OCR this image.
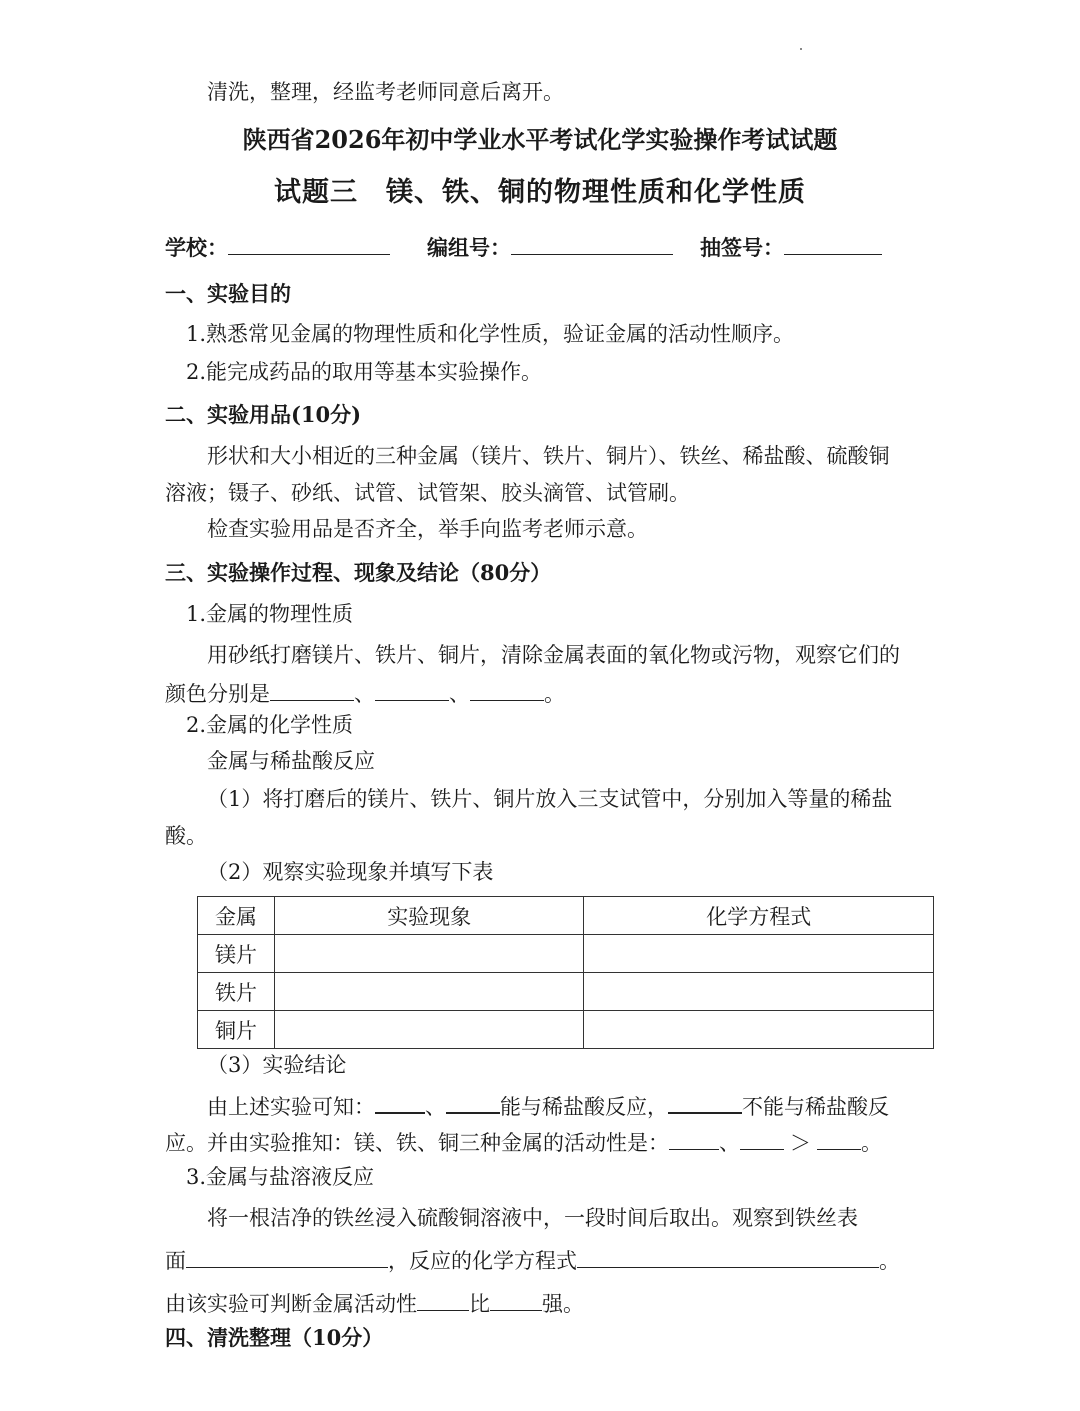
清洗，整理，经监考老师同意后离开。
陕西省2026年初中学业水平考试化学实验操作考试试题
试题三　镁、铁、铜的物理性质和化学性质
学校：	编组号：	抽签号：
一、实验目的
1.熟悉常见金属的物理性质和化学性质，验证金属的活动性顺序。
2.能完成药品的取用等基本实验操作。
二、实验用品(10分)
形状和大小相近的三种金属（镁片、铁片、铜片）、铁丝、稀盐酸、硫酸铜
溶液；镊子、砂纸、试管、试管架、胶头滴管、试管刷。
检查实验用品是否齐全，举手向监考老师示意。
三、实验操作过程、现象及结论（80分）
1.金属的物理性质
用砂纸打磨镁片、铁片、铜片，清除金属表面的氧化物或污物，观察它们的
颜色分别是	、	、	。
2.金属的化学性质
金属与稀盐酸反应
（1）将打磨后的镁片、铁片、铜片放入三支试管中，分别加入等量的稀盐
酸。
（2）观察实验现象并填写下表
金属	实验现象	化学方程式
镁片		
铁片		
铜片		
（3）实验结论
由上述实验可知： 、	能与稀盐酸反应，	不能与稀盐酸反
应。并由实验推知：镁、铁、铜三种金属的活动性是： 、 ＞ 。
3.金属与盐溶液反应
将一根洁净的铁丝浸入硫酸铜溶液中，一段时间后取出。观察到铁丝表
面	，反应的化学方程式	。
由该实验可判断金属活动性 比 强。
四、清洗整理（10分）
